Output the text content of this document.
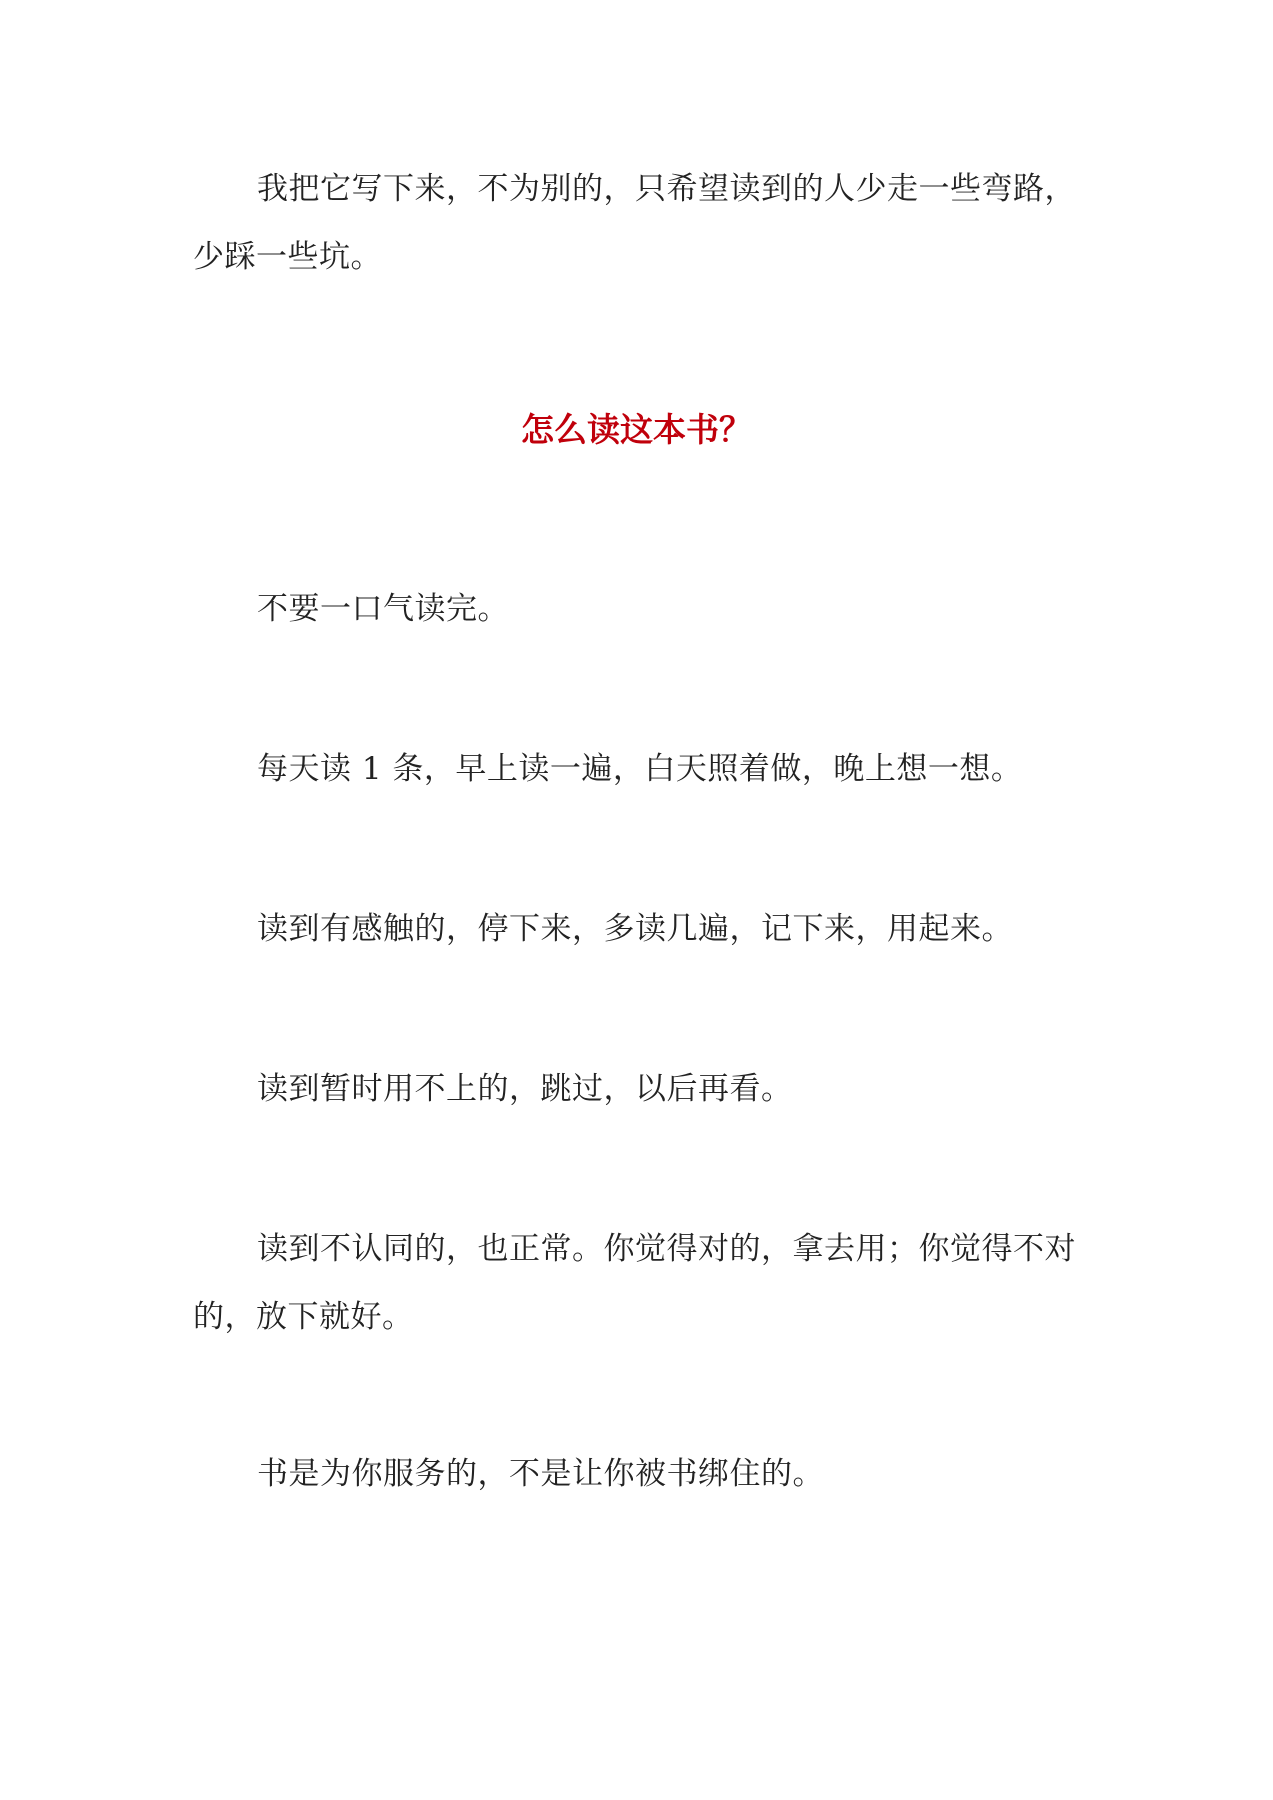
我把它写下来，不为别的，只希望读到的人少走一些弯路，少踩一些坑。

怎么读这本书？

不要一口气读完。

每天读 1 条，早上读一遍，白天照着做，晚上想一想。

读到有感触的，停下来，多读几遍，记下来，用起来。

读到暂时用不上的，跳过，以后再看。

读到不认同的，也正常。你觉得对的，拿去用；你觉得不对的，放下就好。

书是为你服务的，不是让你被书绑住的。
